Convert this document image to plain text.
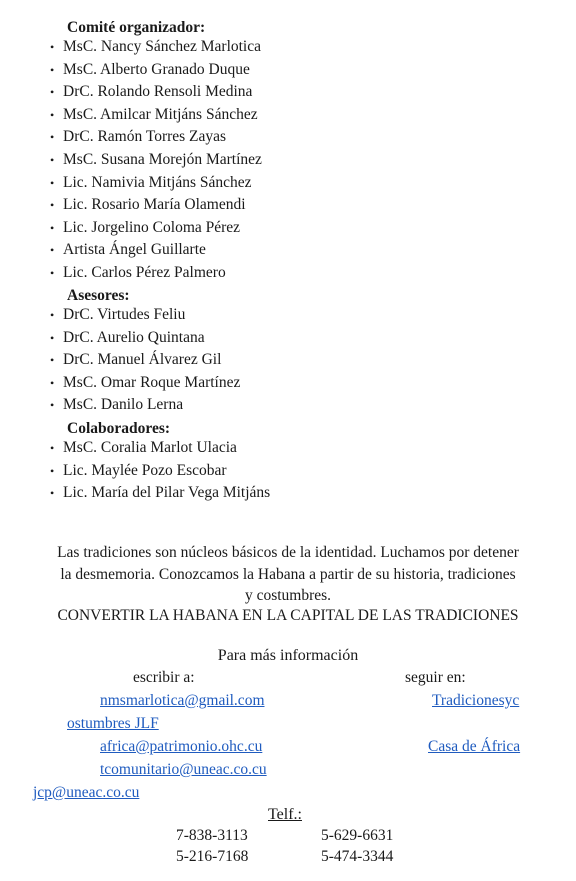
Comité organizador:
• MsC. Nancy Sánchez Marlotica
• MsC. Alberto Granado Duque
• DrC. Rolando Rensoli Medina
• MsC. Amilcar Mitjáns Sánchez
• DrC. Ramón Torres Zayas
• MsC. Susana Morejón Martínez
• Lic. Namivia Mitjáns Sánchez
• Lic. Rosario María Olamendi
• Lic. Jorgelino Coloma Pérez
• Artista Ángel Guillarte
• Lic. Carlos Pérez Palmero
Asesores:
• DrC. Virtudes Feliu
• DrC. Aurelio Quintana
• DrC. Manuel Álvarez Gil
• MsC. Omar Roque Martínez
• MsC. Danilo Lerna
Colaboradores:
• MsC. Coralia Marlot Ulacia
• Lic. Maylée Pozo Escobar
• Lic. María del Pilar Vega Mitjáns
Las tradiciones son núcleos básicos de la identidad. Luchamos por detener
la desmemoria. Conozcamos la Habana a partir de su historia, tradiciones
y costumbres.
CONVERTIR LA HABANA EN LA CAPITAL DE LAS TRADICIONES
Para más información
escribir a:	seguir en:
nmsmarlotica@gmail.com	Tradicionesyc
ostumbres JLF
africa@patrimonio.ohc.cu	Casa de África
tcomunitario@uneac.co.cu
jcp@uneac.co.cu
Telf.:
7-838-3113	5-629-6631
5-216-7168	5-474-3344
